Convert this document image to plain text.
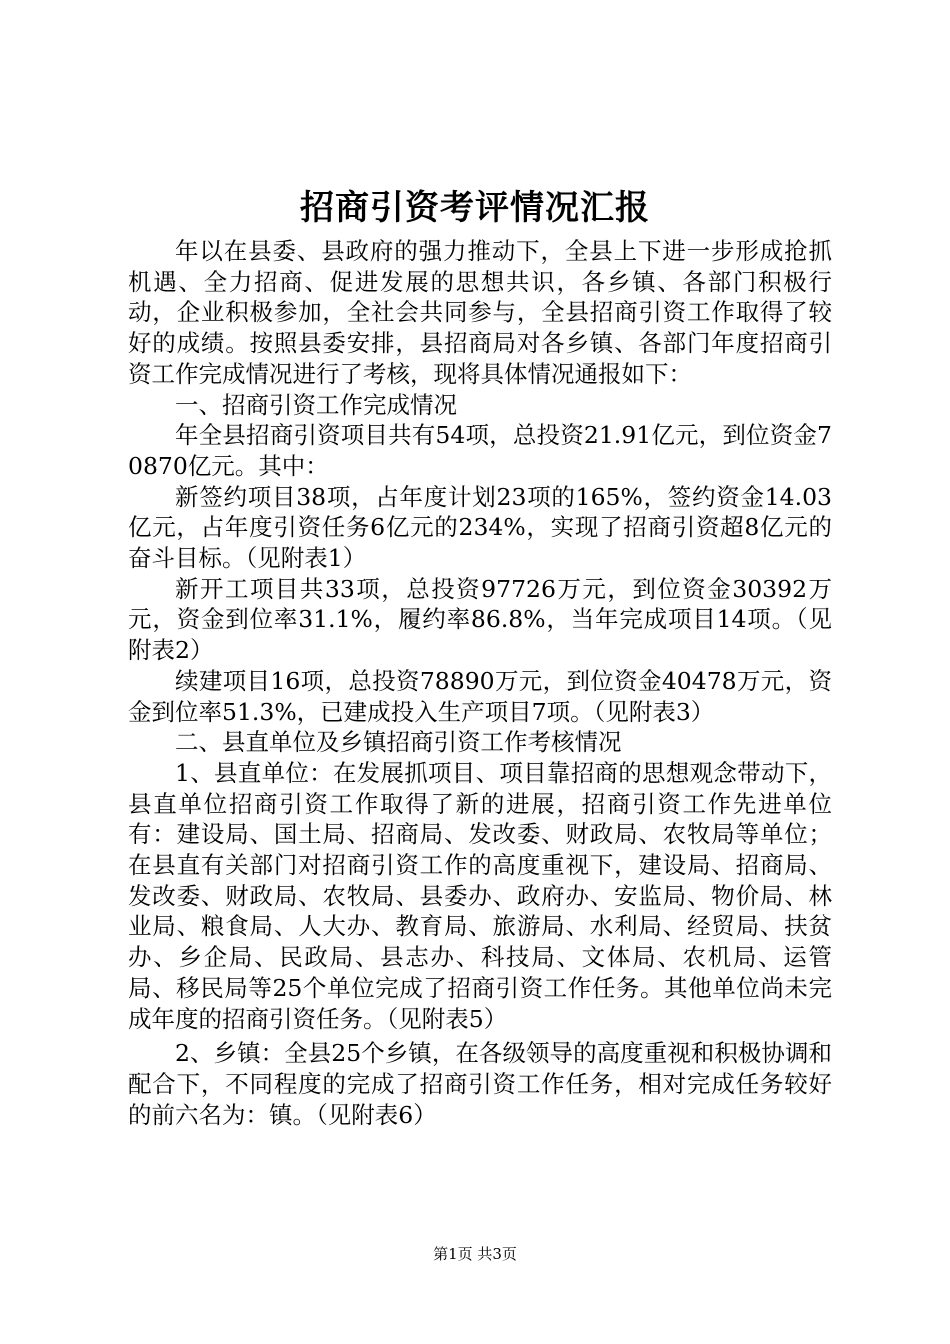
招商引资考评情况汇报

年以在县委、县政府的强力推动下，全县上下进一步形成抢抓机遇、全力招商、促进发展的思想共识，各乡镇、各部门积极行动，企业积极参加，全社会共同参与，全县招商引资工作取得了较好的成绩。按照县委安排，县招商局对各乡镇、各部门年度招商引资工作完成情况进行了考核，现将具体情况通报如下：

一、招商引资工作完成情况

年全县招商引资项目共有54项，总投资21.91亿元，到位资金70870亿元。其中：

新签约项目38项，占年度计划23项的165%，签约资金14.03亿元，占年度引资任务6亿元的234%，实现了招商引资超8亿元的奋斗目标。（见附表1）

新开工项目共33项，总投资97726万元，到位资金30392万元，资金到位率31.1%，履约率86.8%，当年完成项目14项。（见附表2）

续建项目16项，总投资78890万元，到位资金40478万元，资金到位率51.3%，已建成投入生产项目7项。（见附表3）

二、县直单位及乡镇招商引资工作考核情况

1、县直单位：在发展抓项目、项目靠招商的思想观念带动下，县直单位招商引资工作取得了新的进展，招商引资工作先进单位有：建设局、国土局、招商局、发改委、财政局、农牧局等单位；在县直有关部门对招商引资工作的高度重视下，建设局、招商局、发改委、财政局、农牧局、县委办、政府办、安监局、物价局、林业局、粮食局、人大办、教育局、旅游局、水利局、经贸局、扶贫办、乡企局、民政局、县志办、科技局、文体局、农机局、运管局、移民局等25个单位完成了招商引资工作任务。其他单位尚未完成年度的招商引资任务。（见附表5）

2、乡镇：全县25个乡镇，在各级领导的高度重视和积极协调和配合下，不同程度的完成了招商引资工作任务，相对完成任务较好的前六名为：镇。（见附表6）

第1页 共3页
